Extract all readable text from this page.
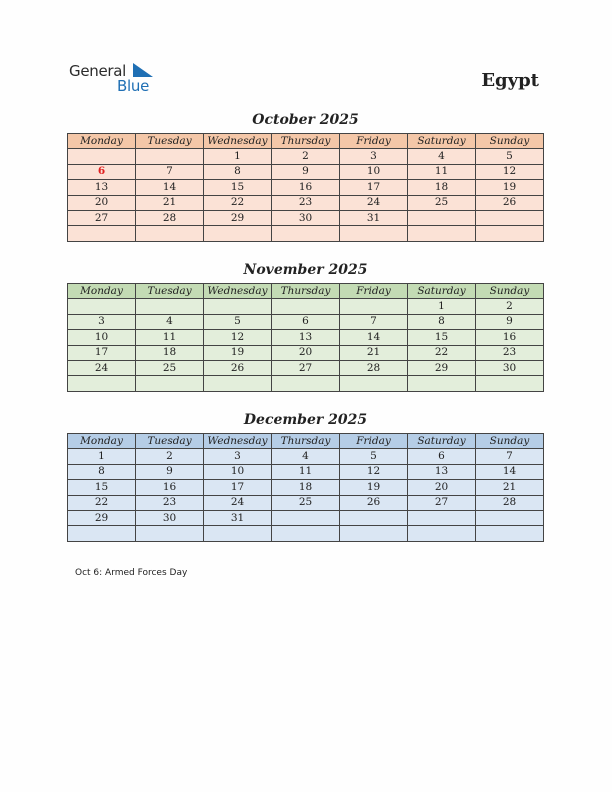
General
Blue	Egypt
October 2025
Monday	Tuesday	Wednesday	Thursday	Friday	Saturday	Sunday
		1	2	3	4	5
6	7	8	9	10	11	12
13	14	15	16	17	18	19
20	21	22	23	24	25	26
27	28	29	30	31		

November 2025
Monday	Tuesday	Wednesday	Thursday	Friday	Saturday	Sunday
					1	2
3	4	5	6	7	8	9
10	11	12	13	14	15	16
17	18	19	20	21	22	23
24	25	26	27	28	29	30

December 2025
Monday	Tuesday	Wednesday	Thursday	Friday	Saturday	Sunday
1	2	3	4	5	6	7
8	9	10	11	12	13	14
15	16	17	18	19	20	21
22	23	24	25	26	27	28
29	30	31				

Oct 6: Armed Forces Day
